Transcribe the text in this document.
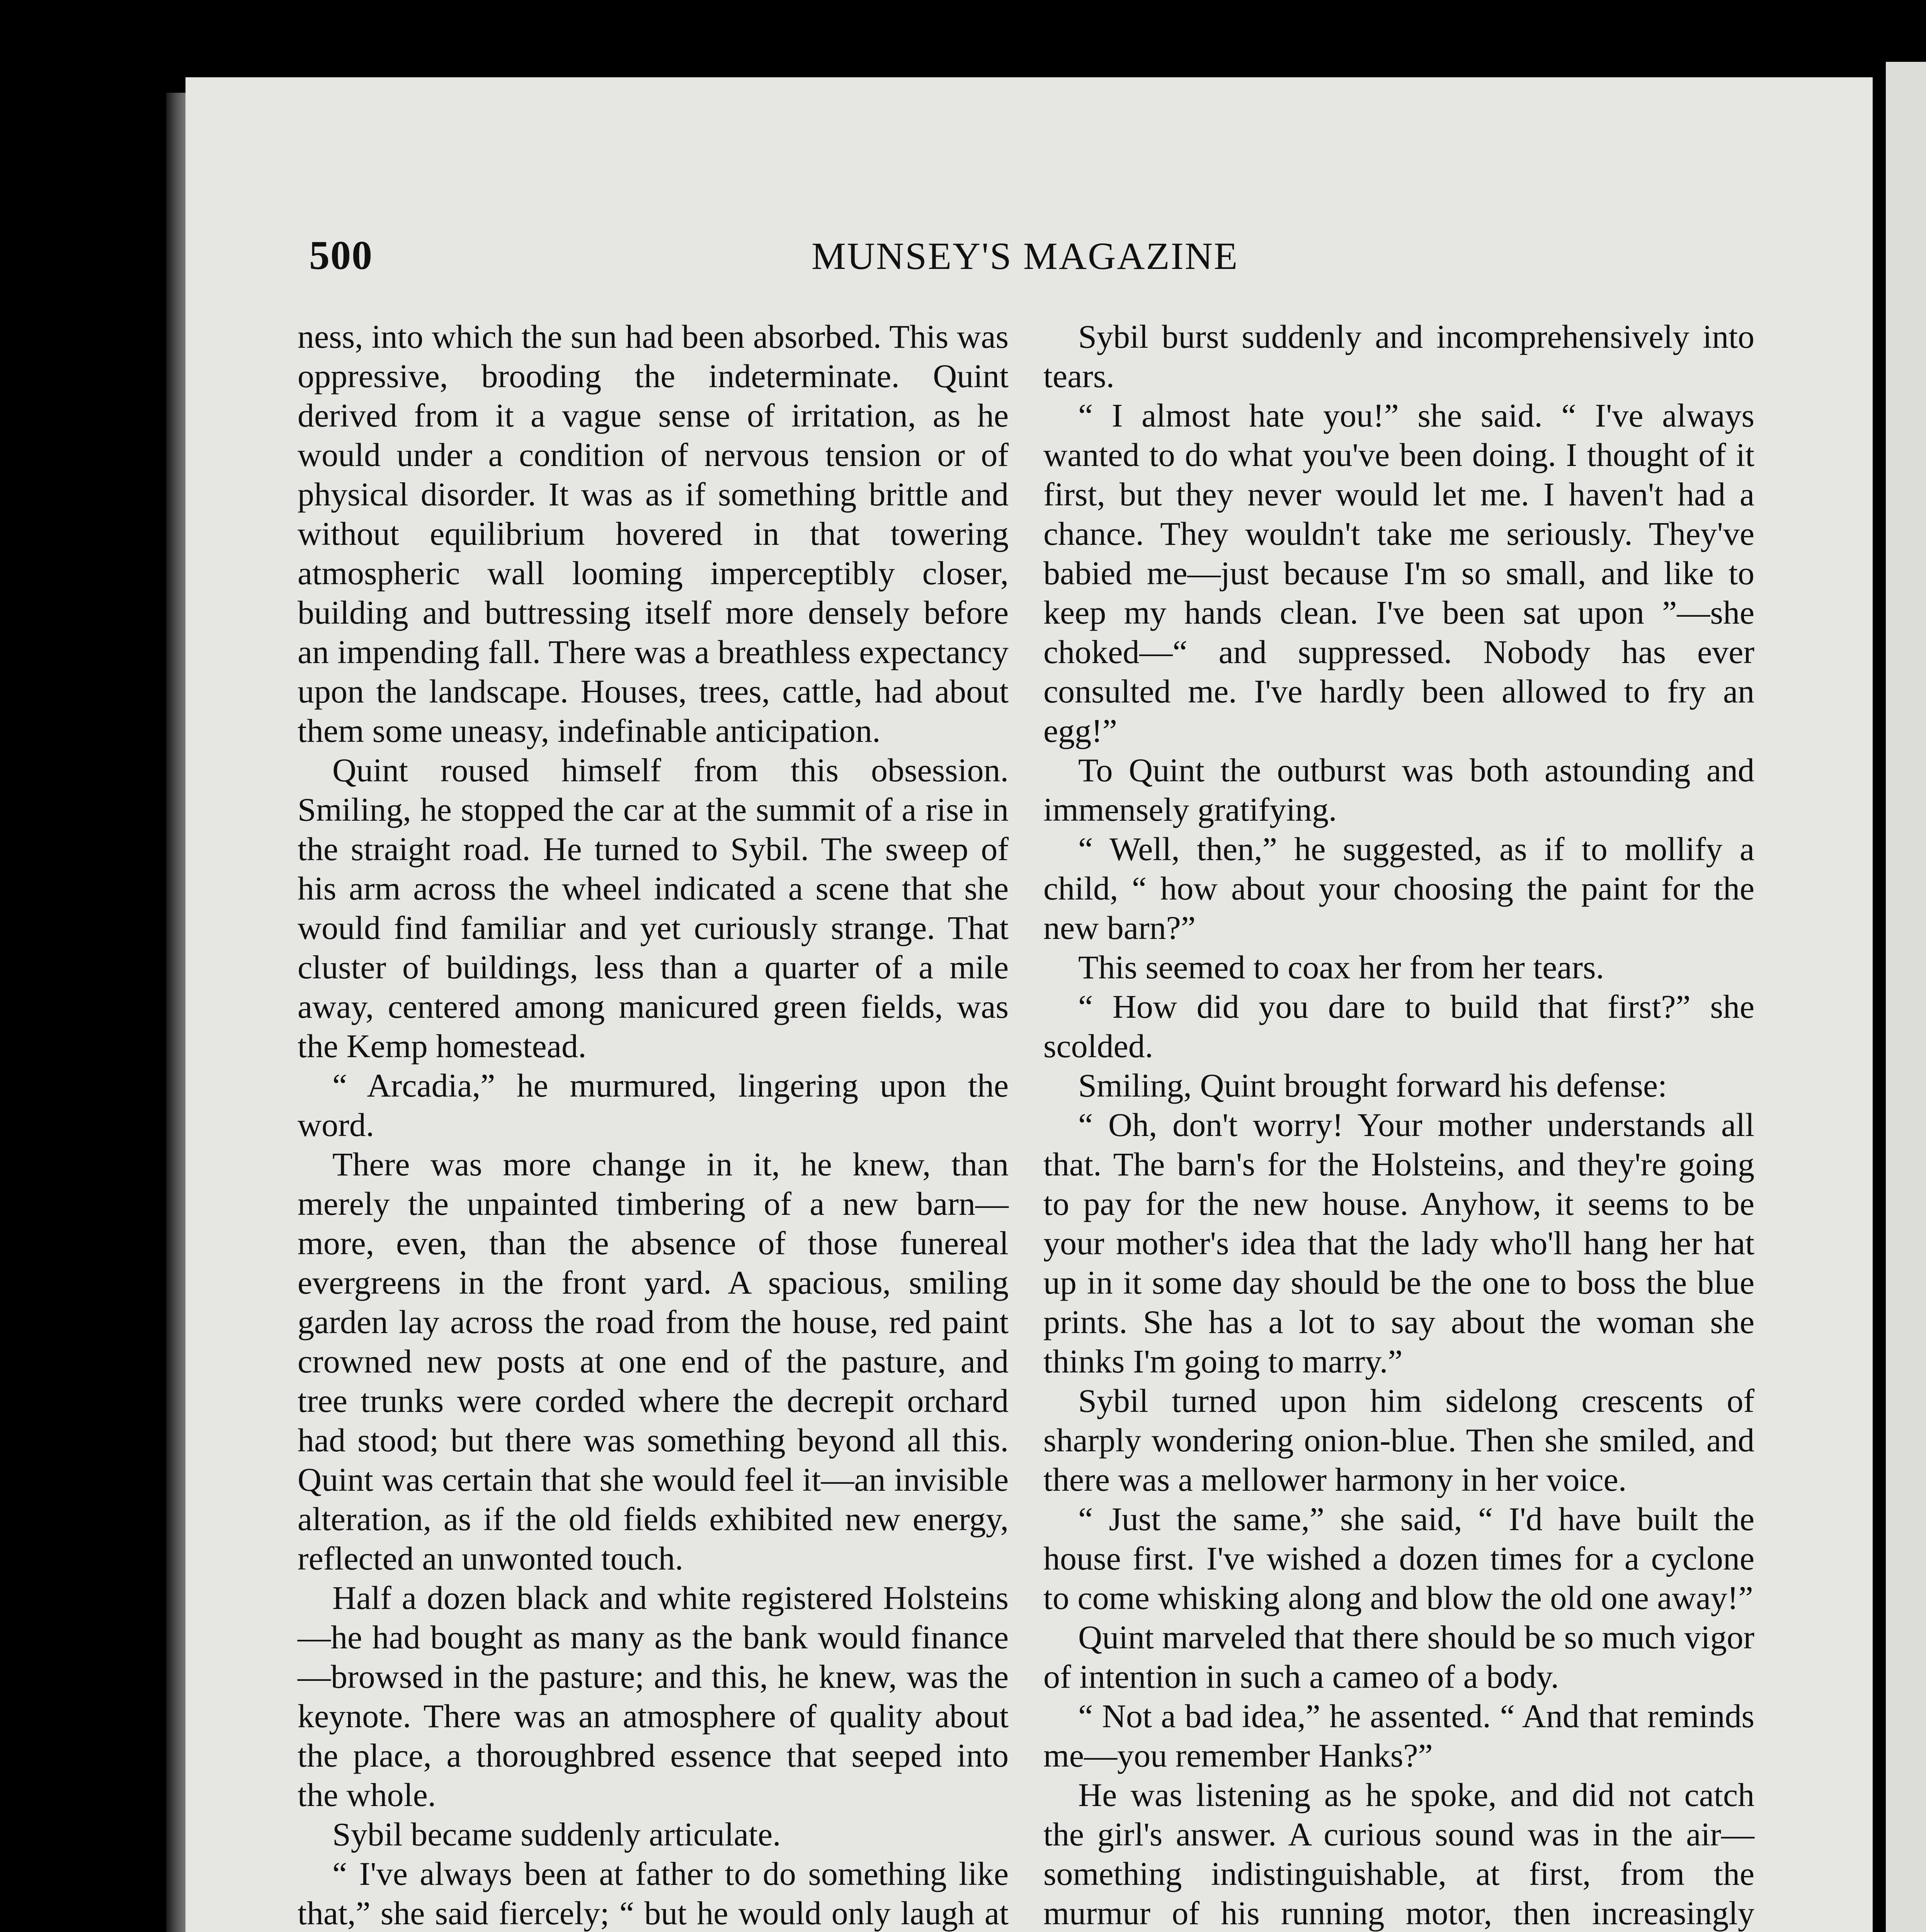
500	MUNSEY'S MAGAZINE

ness, into which the sun had been absorbed. This was oppressive, brooding the indeterminate. Quint derived from it a vague sense of irritation, as he would under a condition of nervous tension or of physical disorder. It was as if something brittle and without equilibrium hovered in that towering atmospheric wall looming imperceptibly closer, building and buttressing itself more densely before an impending fall. There was a breathless expectancy upon the landscape. Houses, trees, cattle, had about them some uneasy, indefinable anticipation.

Quint roused himself from this obsession. Smiling, he stopped the car at the summit of a rise in the straight road. He turned to Sybil. The sweep of his arm across the wheel indicated a scene that she would find familiar and yet curiously strange. That cluster of buildings, less than a quarter of a mile away, centered among manicured green fields, was the Kemp homestead.

“ Arcadia,” he murmured, lingering upon the word.

There was more change in it, he knew, than merely the unpainted timbering of a new barn—more, even, than the absence of those funereal evergreens in the front yard. A spacious, smiling garden lay across the road from the house, red paint crowned new posts at one end of the pasture, and tree trunks were corded where the decrepit orchard had stood; but there was something beyond all this. Quint was certain that she would feel it—an invisible alteration, as if the old fields exhibited new energy, reflected an unwonted touch.

Half a dozen black and white registered Holsteins—he had bought as many as the bank would finance—browsed in the pasture; and this, he knew, was the keynote. There was an atmosphere of quality about the place, a thoroughbred essence that seeped into the whole.

Sybil became suddenly articulate.

“ I've always been at father to do something like that,” she said fiercely; “ but he would only laugh at

Sybil burst suddenly and incomprehensively into tears.

“ I almost hate you!” she said. “ I've always wanted to do what you've been doing. I thought of it first, but they never would let me. I haven't had a chance. They wouldn't take me seriously. They've babied me—just because I'm so small, and like to keep my hands clean. I've been sat upon ”—she choked—“ and suppressed. Nobody has ever consulted me. I've hardly been allowed to fry an egg!”

To Quint the outburst was both astounding and immensely gratifying.

“ Well, then,” he suggested, as if to mollify a child, “ how about your choosing the paint for the new barn?”

This seemed to coax her from her tears.

“ How did you dare to build that first?” she scolded.

Smiling, Quint brought forward his defense:

“ Oh, don't worry! Your mother understands all that. The barn's for the Holsteins, and they're going to pay for the new house. Anyhow, it seems to be your mother's idea that the lady who'll hang her hat up in it some day should be the one to boss the blue prints. She has a lot to say about the woman she thinks I'm going to marry.”

Sybil turned upon him sidelong crescents of sharply wondering onion-blue. Then she smiled, and there was a mellower harmony in her voice.

“ Just the same,” she said, “ I'd have built the house first. I've wished a dozen times for a cyclone to come whisking along and blow the old one away!”

Quint marveled that there should be so much vigor of intention in such a cameo of a body.

“ Not a bad idea,” he assented. “ And that reminds me—you remember Hanks?”

He was listening as he spoke, and did not catch the girl's answer. A curious sound was in the air—something indistinguishable, at first, from the murmur of his running motor, then increasingly
